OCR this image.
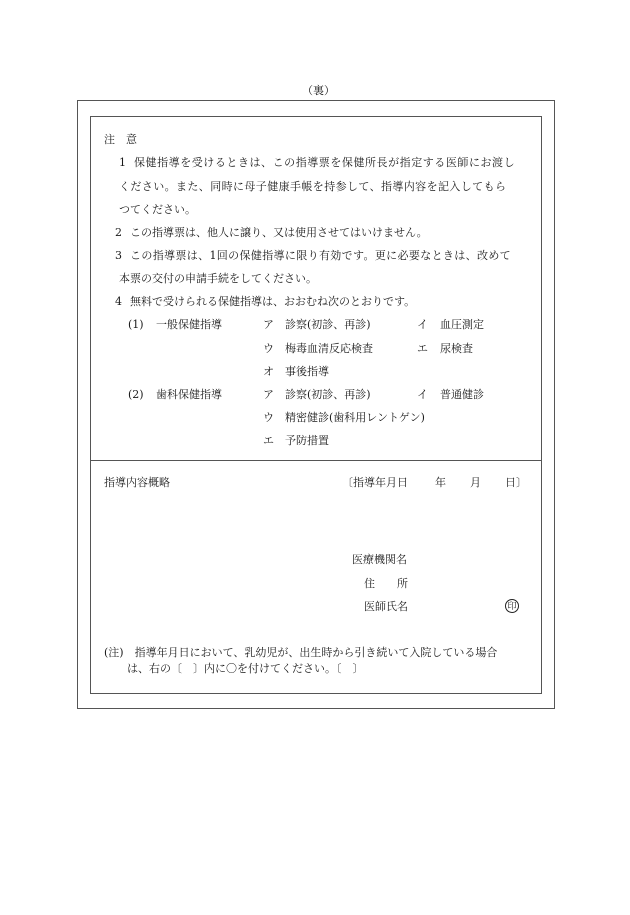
（裏）
注　意
1 保健指導を受けるときは、この指導票を保健所長が指定する医師にお渡し
ください。また、同時に母子健康手帳を持参して、指導内容を記入してもら
つてください。
2 この指導票は、他人に譲り、又は使用させてはいけません。
3 この指導票は、1回の保健指導に限り有効です。更に必要なときは、改めて
本票の交付の申請手続をしてください。
4 無料で受けられる保健指導は、おおむね次のとおりです。
(1) 一般保健指導	ア 診察(初診、再診)	イ 血圧測定
ウ 梅毒血清反応検査	エ 尿検査
オ 事後指導
(2) 歯科保健指導	ア 診察(初診、再診)	イ 普通健診
ウ 精密健診(歯科用レントゲン)
エ 予防措置
指導内容概略	〔指導年月日 年 月 日〕
医療機関名
住　　所
医師氏名	印
(注)　指導年月日において、乳幼児が、出生時から引き続いて入院している場合
は、右の〔　〕内に〇を付けてください。〔　〕
